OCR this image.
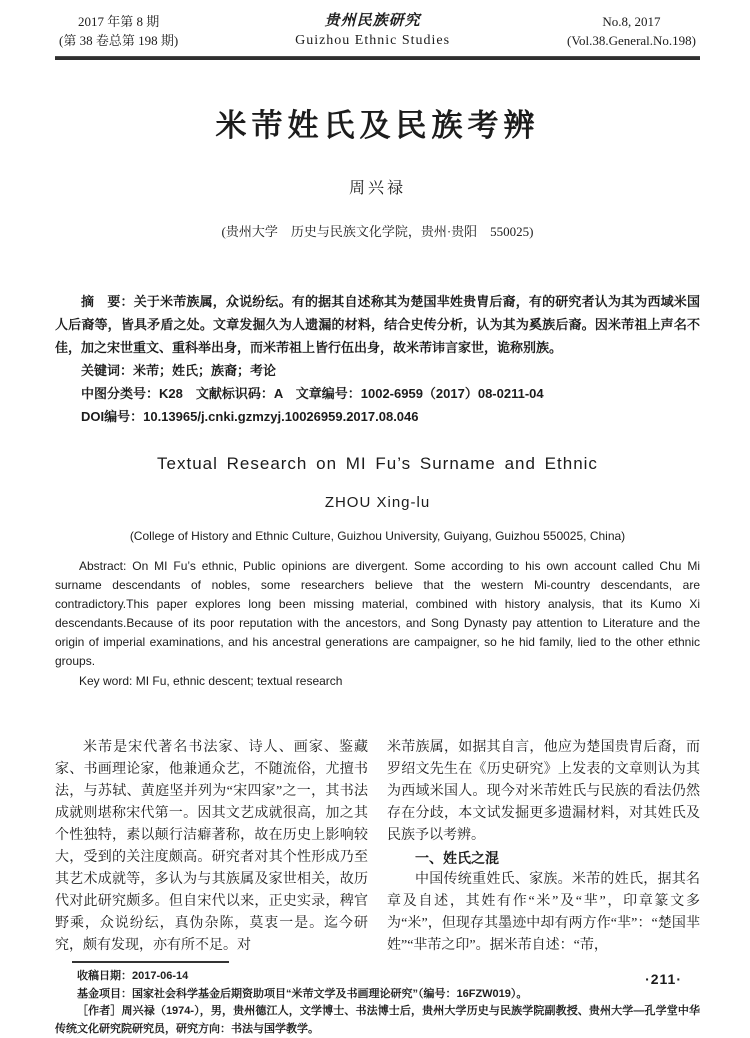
2017 年第 8 期
(第 38 卷总第 198 期)
贵州民族研究
Guizhou Ethnic Studies
No.8, 2017
(Vol.38.General.No.198)
米芾姓氏及民族考辨
周兴禄
(贵州大学　历史与民族文化学院，贵州·贵阳　550025)

摘　要：关于米芾族属，众说纷纭。有的据其自述称其为楚国芈姓贵胄后裔，有的研究者认为其为西域米国人后裔等，皆具矛盾之处。文章发掘久为人遗漏的材料，结合史传分析，认为其为奚族后裔。因米芾祖上声名不佳，加之宋世重文、重科举出身，而米芾祖上皆行伍出身，故米芾讳言家世，诡称别族。

关键词：米芾；姓氏；族裔；考论

中图分类号：K28　文献标识码：A　文章编号：1002-6959（2017）08-0211-04

DOI编号：10.13965/j.cnki.gzmzyj.10026959.2017.08.046

Textual Research on MI Fu’s Surname and Ethnic
ZHOU Xing-lu
(College of History and Ethnic Culture, Guizhou University, Guiyang, Guizhou 550025, China)

Abstract: On MI Fu’s ethnic, Public opinions are divergent. Some according to his own account called Chu Mi surname descendants of nobles, some researchers believe that the western Mi-country descendants, are contradictory.This paper explores long been missing material, combined with history analysis, that its Kumo Xi descendants.Because of its poor reputation with the ancestors, and Song Dynasty pay attention to Literature and the origin of imperial examinations, and his ancestral generations are campaigner, so he hid family, lied to the other ethnic groups.

Key word: MI Fu, ethnic descent; textual research

米芾是宋代著名书法家、诗人、画家、鉴藏家、书画理论家，他兼通众艺，不随流俗，尤擅书法，与苏轼、黄庭坚并列为“宋四家”之一，其书法成就则堪称宋代第一。因其文艺成就很高，加之其个性独特，素以颠行洁癖著称，故在历史上影响较大，受到的关注度颇高。研究者对其个性形成乃至其艺术成就等，多认为与其族属及家世相关，故历代对此研究颇多。但自宋代以来，正史实录，稗官野乘，众说纷纭，真伪杂陈，莫衷一是。迄今研究，颇有发现，亦有所不足。对

米芾族属，如据其自言，他应为楚国贵胄后裔，而罗绍文先生在《历史研究》上发表的文章则认为其为西域米国人。现今对米芾姓氏与民族的看法仍然存在分歧，本文试发掘更多遗漏材料，对其姓氏及民族予以考辨。

一、姓氏之混

中国传统重姓氏、家族。米芾的姓氏，据其名章及自述，其姓有作“米”及“芈”，印章篆文多为“米”，但现存其墨迹中却有两方作“芈”：“楚国芈姓”“芈芾之印”。据米芾自述：“芾，

收稿日期：2017-06-14

基金项目：国家社会科学基金后期资助项目“米芾文学及书画理论研究”（编号：16FZW019）。

［作者］周兴禄（1974-），男，贵州德江人，文学博士、书法博士后，贵州大学历史与民族学院副教授、贵州大学—孔学堂中华传统文化研究院研究员，研究方向：书法与国学教学。

·211·
